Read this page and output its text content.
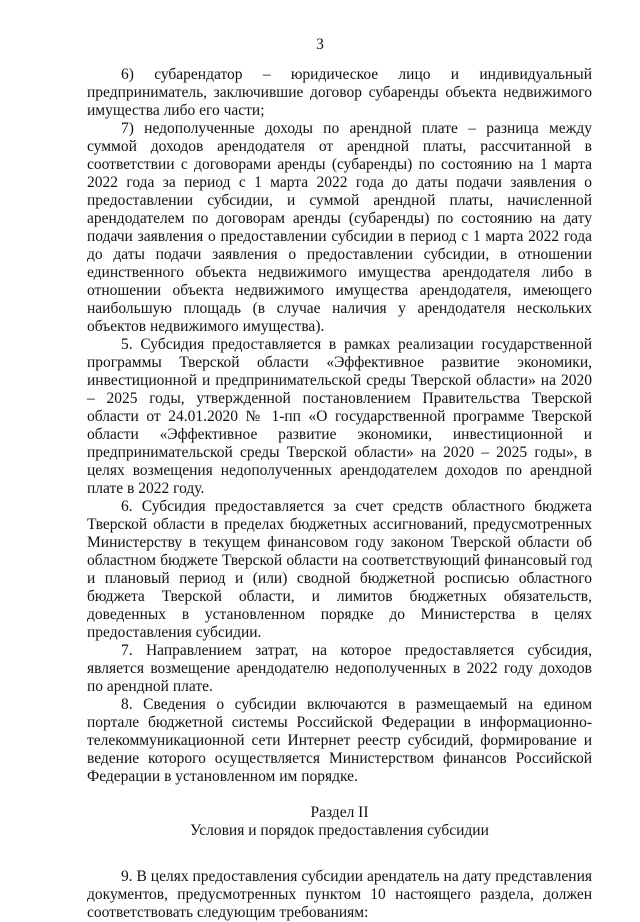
3

6) субарендатор – юридическое лицо и индивидуальный предприниматель, заключившие договор субаренды объекта недвижимого имущества либо его части;

7) недополученные доходы по арендной плате – разница между суммой доходов арендодателя от арендной платы, рассчитанной в соответствии с договорами аренды (субаренды) по состоянию на 1 марта 2022 года за период с 1 марта 2022 года до даты подачи заявления о предоставлении субсидии, и суммой арендной платы, начисленной арендодателем по договорам аренды (субаренды) по состоянию на дату подачи заявления о предоставлении субсидии в период с 1 марта 2022 года до даты подачи заявления о предоставлении субсидии, в отношении единственного объекта недвижимого имущества арендодателя либо в отношении объекта недвижимого имущества арендодателя, имеющего наибольшую площадь (в случае наличия у арендодателя нескольких объектов недвижимого имущества).

5. Субсидия предоставляется в рамках реализации государственной программы Тверской области «Эффективное развитие экономики, инвестиционной и предпринимательской среды Тверской области» на 2020 – 2025 годы, утвержденной постановлением Правительства Тверской области от 24.01.2020 № 1-пп «О государственной программе Тверской области «Эффективное развитие экономики, инвестиционной и предпринимательской среды Тверской области» на 2020 – 2025 годы», в целях возмещения недополученных арендодателем доходов по арендной плате в 2022 году.

6. Субсидия предоставляется за счет средств областного бюджета Тверской области в пределах бюджетных ассигнований, предусмотренных Министерству в текущем финансовом году законом Тверской области об областном бюджете Тверской области на соответствующий финансовый год и плановый период и (или) сводной бюджетной росписью областного бюджета Тверской области, и лимитов бюджетных обязательств, доведенных в установленном порядке до Министерства в целях предоставления субсидии.

7. Направлением затрат, на которое предоставляется субсидия, является возмещение арендодателю недополученных в 2022 году доходов по арендной плате.

8. Сведения о субсидии включаются в размещаемый на едином портале бюджетной системы Российской Федерации в информационно-телекоммуникационной сети Интернет реестр субсидий, формирование и ведение которого осуществляется Министерством финансов Российской Федерации в установленном им порядке.

Раздел II

Условия и порядок предоставления субсидии

9. В целях предоставления субсидии арендатель на дату представления документов, предусмотренных пунктом 10 настоящего раздела, должен соответствовать следующим требованиям:
